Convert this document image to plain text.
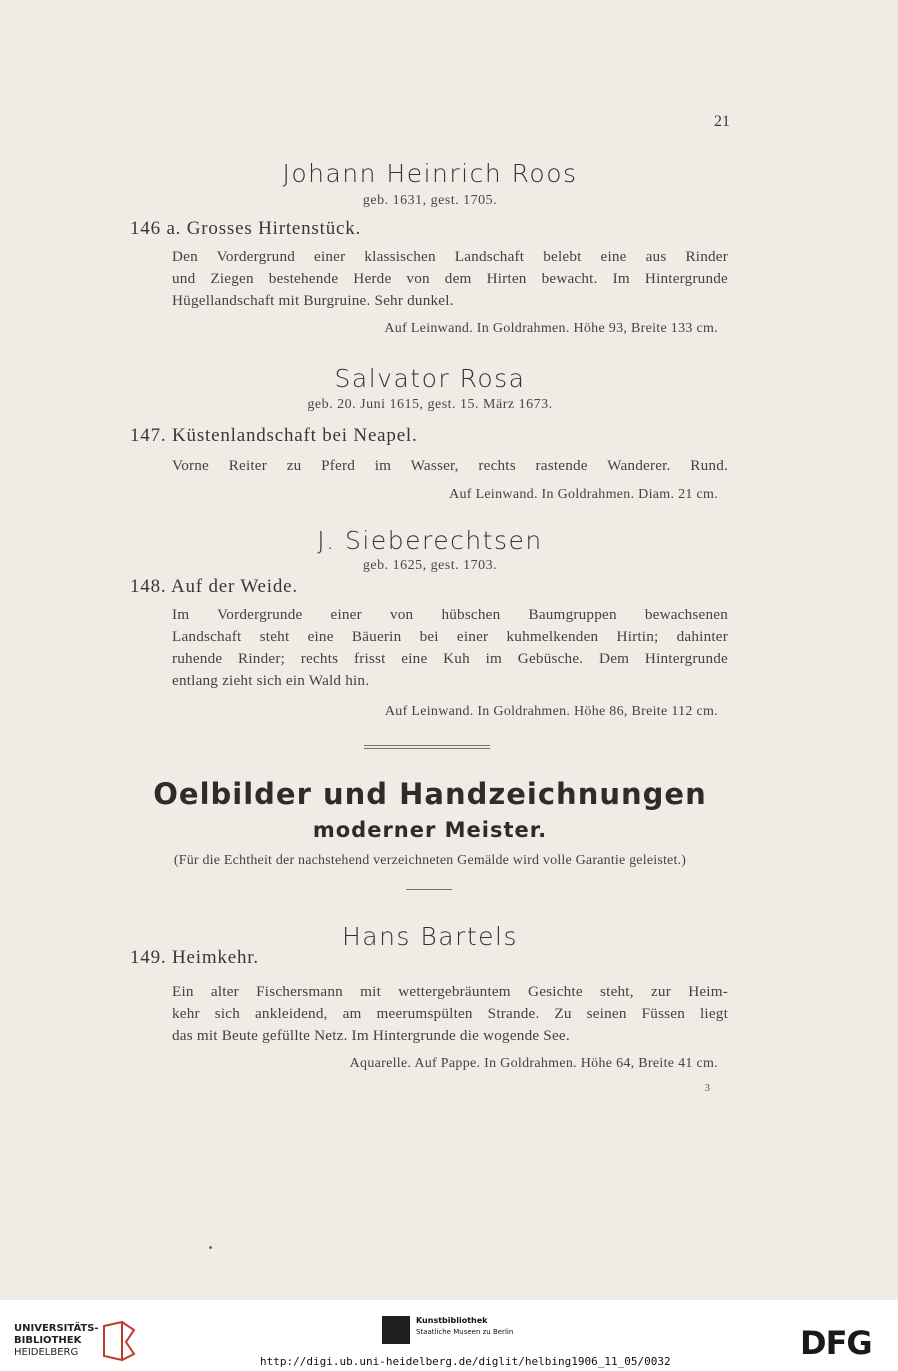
21

Johann Heinrich Roos

geb. 1631, gest. 1705.

146 a. Grosses Hirtenstück.

Den Vordergrund einer klassischen Landschaft belebt eine aus Rinder
und Ziegen bestehende Herde von dem Hirten bewacht. Im Hintergrunde
Hügellandschaft mit Burgruine. Sehr dunkel.

Auf Leinwand. In Goldrahmen. Höhe 93, Breite 133 cm.

Salvator Rosa

geb. 20. Juni 1615, gest. 15. März 1673.

147. Küstenlandschaft bei Neapel.

Vorne Reiter zu Pferd im Wasser, rechts rastende Wanderer. Rund.

Auf Leinwand. In Goldrahmen. Diam. 21 cm.

J. Sieberechtsen

geb. 1625, gest. 1703.

148. Auf der Weide.

Im Vordergrunde einer von hübschen Baumgruppen bewachsenen
Landschaft steht eine Bäuerin bei einer kuhmelkenden Hirtin; dahinter
ruhende Rinder; rechts frisst eine Kuh im Gebüsche. Dem Hintergrunde
entlang zieht sich ein Wald hin.

Auf Leinwand. In Goldrahmen. Höhe 86, Breite 112 cm.

Oelbilder und Handzeichnungen

moderner Meister.

(Für die Echtheit der nachstehend verzeichneten Gemälde wird volle Garantie geleistet.)

Hans Bartels

149. Heimkehr.

Ein alter Fischersmann mit wettergebräuntem Gesichte steht, zur Heim-
kehr sich ankleidend, am meerumspülten Strande. Zu seinen Füssen liegt
das mit Beute gefüllte Netz. Im Hintergrunde die wogende See.

Aquarelle. Auf Pappe. In Goldrahmen. Höhe 64, Breite 41 cm.

3

UNIVERSITÄTS-
BIBLIOTHEK
HEIDELBERG
Kunstbibliothek
Staatliche Museen zu Berlin	DFG
http://digi.ub.uni-heidelberg.de/diglit/helbing1906_11_05/0032
